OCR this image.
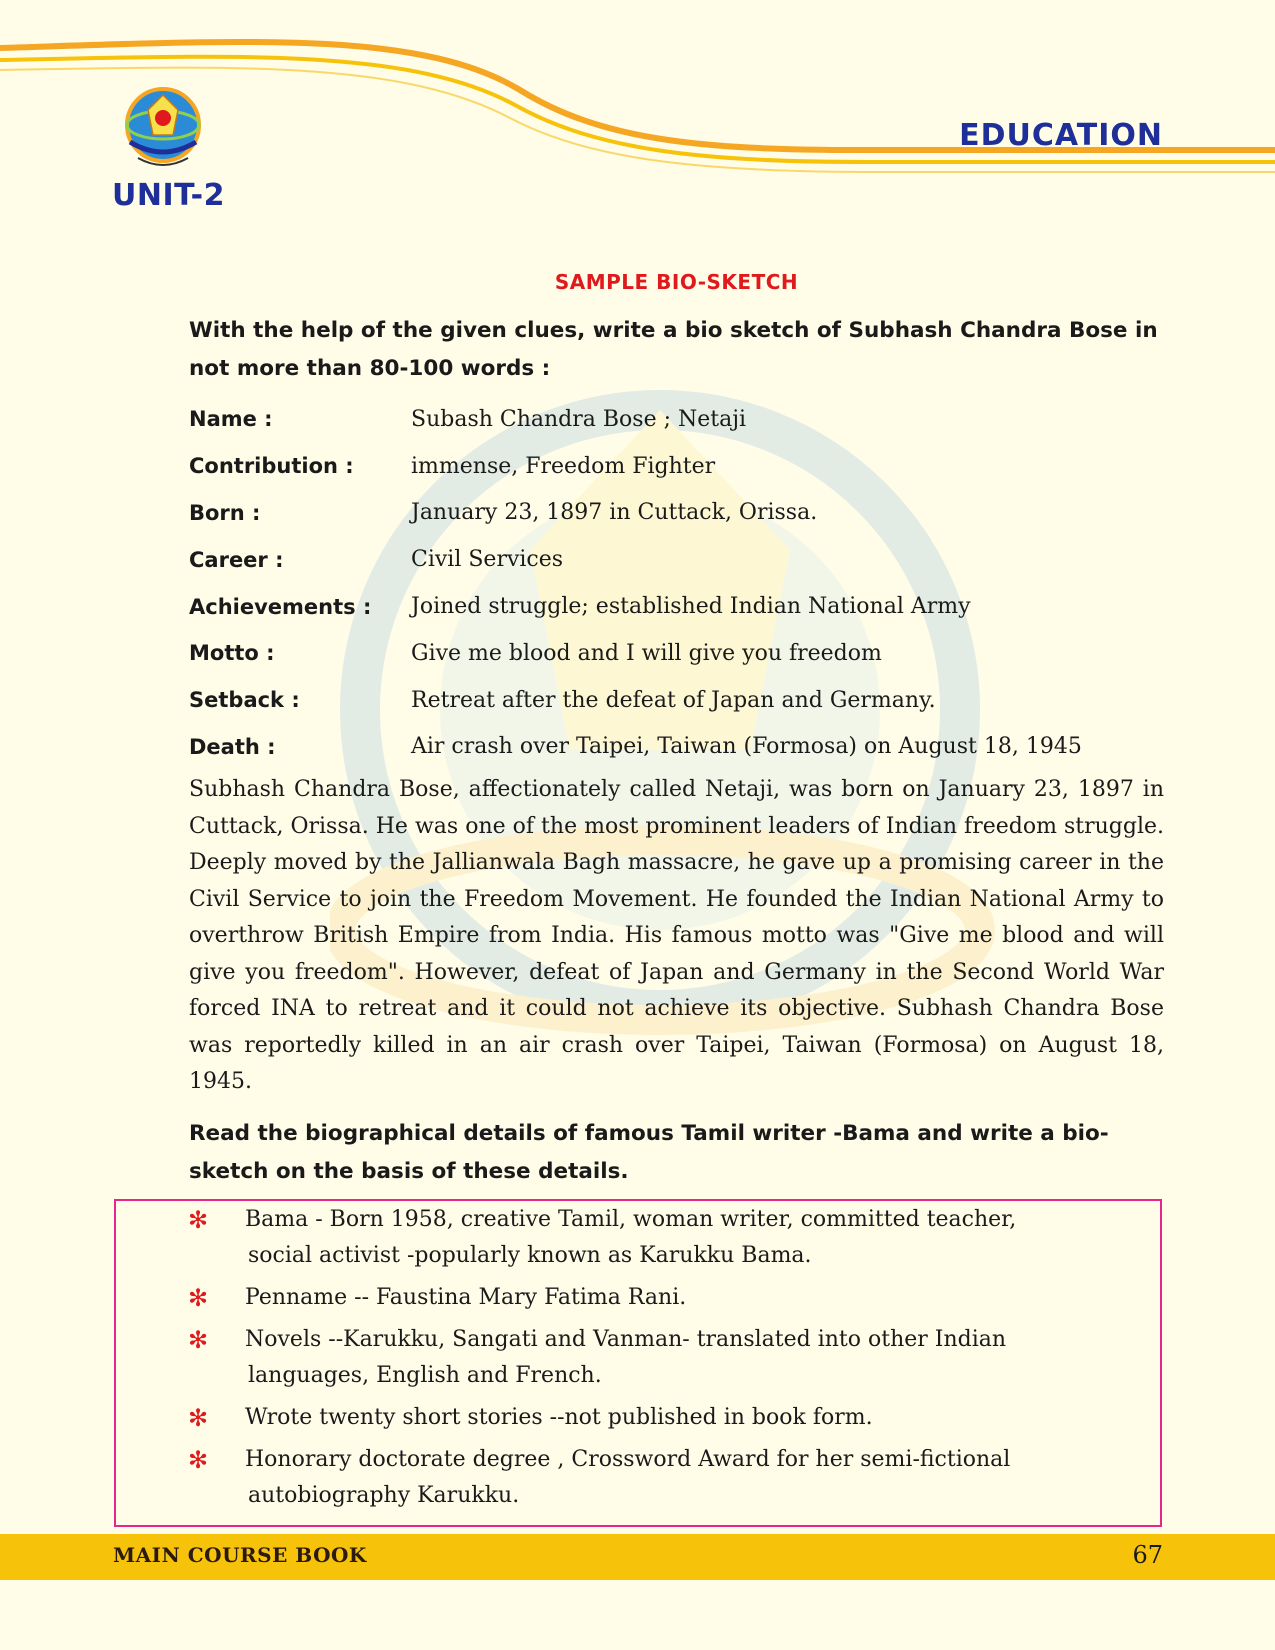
UNIT-2
EDUCATION
SAMPLE BIO-SKETCH
With the help of the given clues, write a bio sketch of Subhash Chandra Bose in not more than 80-100 words :
Name :	Subash Chandra Bose ; Netaji
Contribution :	immense, Freedom Fighter
Born :	January 23, 1897 in Cuttack, Orissa.
Career :	Civil Services
Achievements :	Joined struggle; established Indian National Army
Motto :	Give me blood and I will give you freedom
Setback :	Retreat after the defeat of Japan and Germany.
Death :	Air crash over Taipei, Taiwan (Formosa) on August 18, 1945
Subhash Chandra Bose, affectionately called Netaji, was born on January 23, 1897 in Cuttack, Orissa. He was one of the most prominent leaders of Indian freedom struggle. Deeply moved by the Jallianwala Bagh massacre, he gave up a promising career in the Civil Service to join the Freedom Movement. He founded the Indian National Army to overthrow British Empire from India. His famous motto was "Give me blood and will give you freedom". However, defeat of Japan and Germany in the Second World War forced INA to retreat and it could not achieve its objective. Subhash Chandra Bose was reportedly killed in an air crash over Taipei, Taiwan (Formosa) on August 18, 1945.
Read the biographical details of famous Tamil writer -Bama and write a bio-sketch on the basis of these details.
✻	Bama - Born 1958, creative Tamil, woman writer, committed teacher,
social activist -popularly known as Karukku Bama.
✻	Penname -- Faustina Mary Fatima Rani.
✻	Novels --Karukku, Sangati and Vanman- translated into other Indian
languages, English and French.
✻	Wrote twenty short stories --not published in book form.
✻	Honorary doctorate degree , Crossword Award for her semi-fictional
autobiography Karukku.
MAIN COURSE BOOK	67
